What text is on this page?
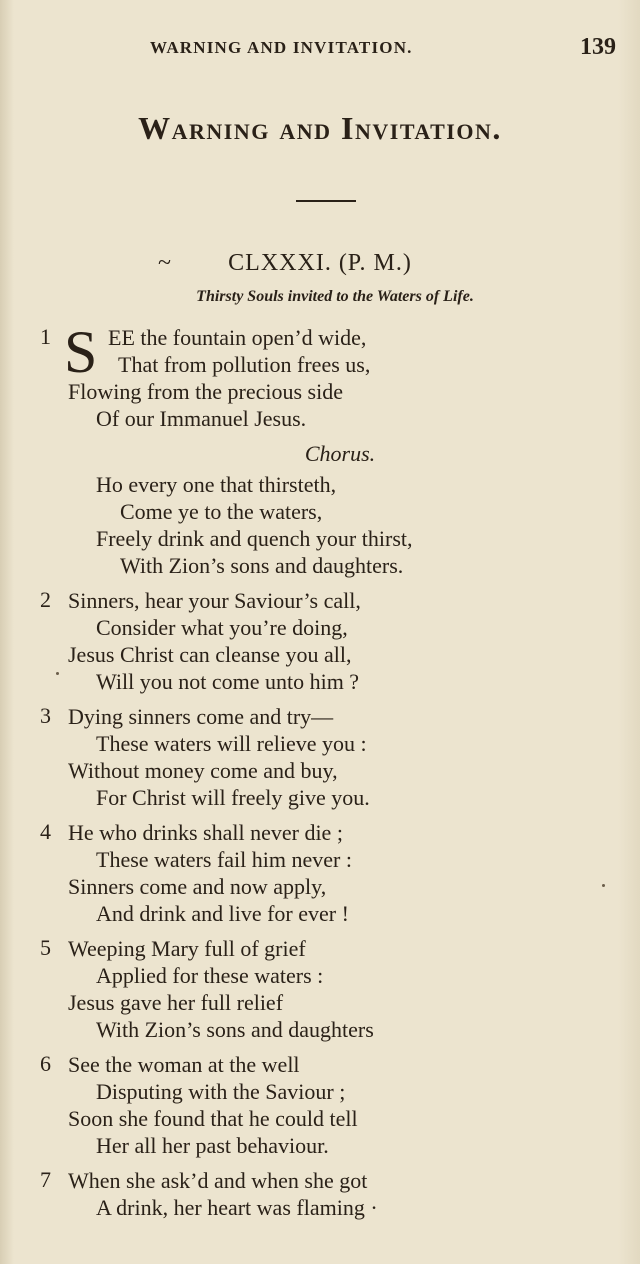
WARNING AND INVITATION.	139
Warning and Invitation.
~ CLXXXI. (P. M.)
Thirsty Souls invited to the Waters of Life.
1 S EE the fountain open’d wide,
That from pollution frees us,
Flowing from the precious side
Of our Immanuel Jesus.
Chorus.
Ho every one that thirsteth,
Come ye to the waters,
Freely drink and quench your thirst,
With Zion’s sons and daughters.
2 Sinners, hear your Saviour’s call,
Consider what you’re doing,
Jesus Christ can cleanse you all,
Will you not come unto him ?
3 Dying sinners come and try—
These waters will relieve you :
Without money come and buy,
For Christ will freely give you.
4 He who drinks shall never die ;
These waters fail him never :
Sinners come and now apply,
And drink and live for ever !
5 Weeping Mary full of grief
Applied for these waters :
Jesus gave her full relief
With Zion’s sons and daughters
6 See the woman at the well
Disputing with the Saviour ;
Soon she found that he could tell
Her all her past behaviour.
7 When she ask’d and when she got
A drink, her heart was flaming ·
